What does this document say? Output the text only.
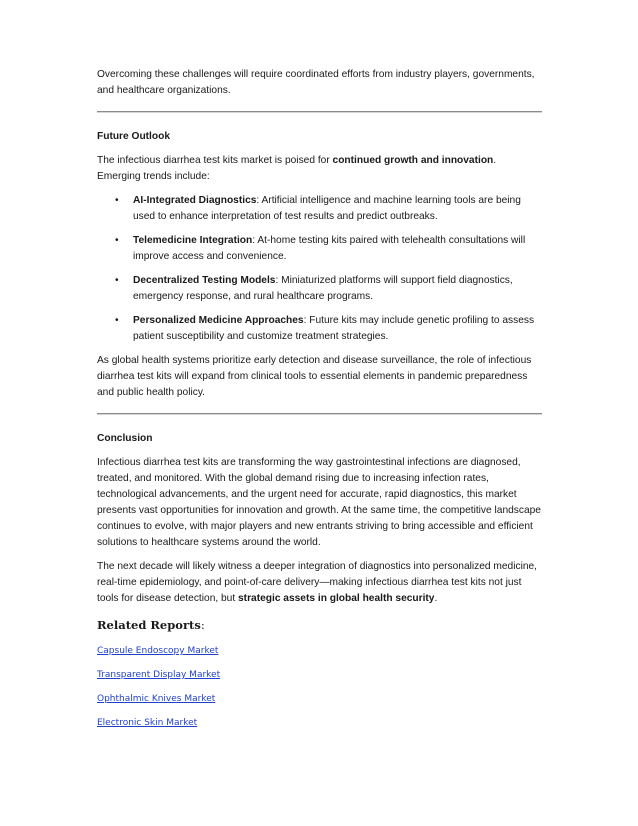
Overcoming these challenges will require coordinated efforts from industry players, governments, and healthcare organizations.

Future Outlook

The infectious diarrhea test kits market is poised for continued growth and innovation. Emerging trends include:

• AI-Integrated Diagnostics: Artificial intelligence and machine learning tools are being used to enhance interpretation of test results and predict outbreaks.
• Telemedicine Integration: At-home testing kits paired with telehealth consultations will improve access and convenience.
• Decentralized Testing Models: Miniaturized platforms will support field diagnostics, emergency response, and rural healthcare programs.
• Personalized Medicine Approaches: Future kits may include genetic profiling to assess patient susceptibility and customize treatment strategies.

As global health systems prioritize early detection and disease surveillance, the role of infectious diarrhea test kits will expand from clinical tools to essential elements in pandemic preparedness and public health policy.

Conclusion

Infectious diarrhea test kits are transforming the way gastrointestinal infections are diagnosed, treated, and monitored. With the global demand rising due to increasing infection rates, technological advancements, and the urgent need for accurate, rapid diagnostics, this market presents vast opportunities for innovation and growth. At the same time, the competitive landscape continues to evolve, with major players and new entrants striving to bring accessible and efficient solutions to healthcare systems around the world.

The next decade will likely witness a deeper integration of diagnostics into personalized medicine, real-time epidemiology, and point-of-care delivery—making infectious diarrhea test kits not just tools for disease detection, but strategic assets in global health security.

Related Reports:
Capsule Endoscopy Market
Transparent Display Market
Ophthalmic Knives Market
Electronic Skin Market
